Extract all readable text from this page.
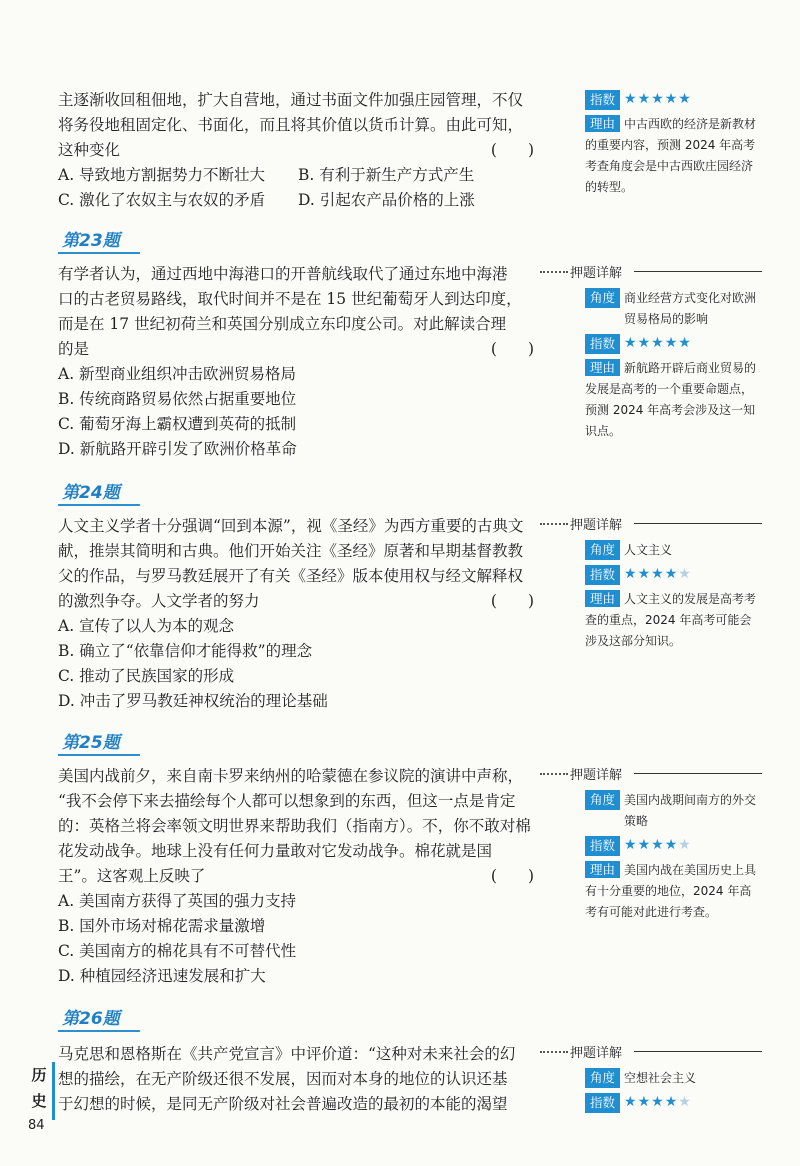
主逐渐收回租佃地，扩大自营地，通过书面文件加强庄园管理，不仅

将务役地租固定化、书面化，而且将其价值以货币计算。由此可知，

这种变化	(　　)

A. 导致地方割据势力不断壮大	B. 有利于新生产方式产生

C. 激化了农奴主与农奴的矛盾	D. 引起农产品价格的上涨

指数 ★★★★★
理由 中古西欧的经济是新教材的重要内容，预测 2024 年高考考查角度会是中古西欧庄园经济的转型。
第23题

有学者认为，通过西地中海港口的开普航线取代了通过东地中海港

口的古老贸易路线，取代时间并不是在 15 世纪葡萄牙人到达印度，

而是在 17 世纪初荷兰和英国分别成立东印度公司。对此解读合理

的是	(　　)

A. 新型商业组织冲击欧洲贸易格局

B. 传统商路贸易依然占据重要地位

C. 葡萄牙海上霸权遭到英荷的抵制

D. 新航路开辟引发了欧洲价格革命

押题详解
角度 商业经营方式变化对欧洲贸易格局的影响
指数 ★★★★★
理由 新航路开辟后商业贸易的发展是高考的一个重要命题点，预测 2024 年高考会涉及这一知识点。
第24题

人文主义学者十分强调“回到本源”，视《圣经》为西方重要的古典文

献，推崇其简明和古典。他们开始关注《圣经》原著和早期基督教教

父的作品，与罗马教廷展开了有关《圣经》版本使用权与经文解释权

的激烈争夺。人文学者的努力	(　　)

A. 宣传了以人为本的观念

B. 确立了“依靠信仰才能得救”的理念

C. 推动了民族国家的形成

D. 冲击了罗马教廷神权统治的理论基础

押题详解
角度 人文主义
指数 ★★★★★
理由 人文主义的发展是高考考查的重点，2024 年高考可能会涉及这部分知识。
第25题

美国内战前夕，来自南卡罗来纳州的哈蒙德在参议院的演讲中声称，

“我不会停下来去描绘每个人都可以想象到的东西，但这一点是肯定

的：英格兰将会率领文明世界来帮助我们（指南方）。不，你不敢对棉

花发动战争。地球上没有任何力量敢对它发动战争。棉花就是国

王”。这客观上反映了	(　　)

A. 美国南方获得了英国的强力支持

B. 国外市场对棉花需求量激增

C. 美国南方的棉花具有不可替代性

D. 种植园经济迅速发展和扩大

押题详解
角度 美国内战期间南方的外交策略
指数 ★★★★★
理由 美国内战在美国历史上具有十分重要的地位，2024 年高考有可能对此进行考查。
第26题

马克思和恩格斯在《共产党宣言》中评价道：“这种对未来社会的幻

想的描绘，在无产阶级还很不发展，因而对本身的地位的认识还基

于幻想的时候，是同无产阶级对社会普遍改造的最初的本能的渴望

押题详解
角度 空想社会主义
指数 ★★★★★
历
史
84
